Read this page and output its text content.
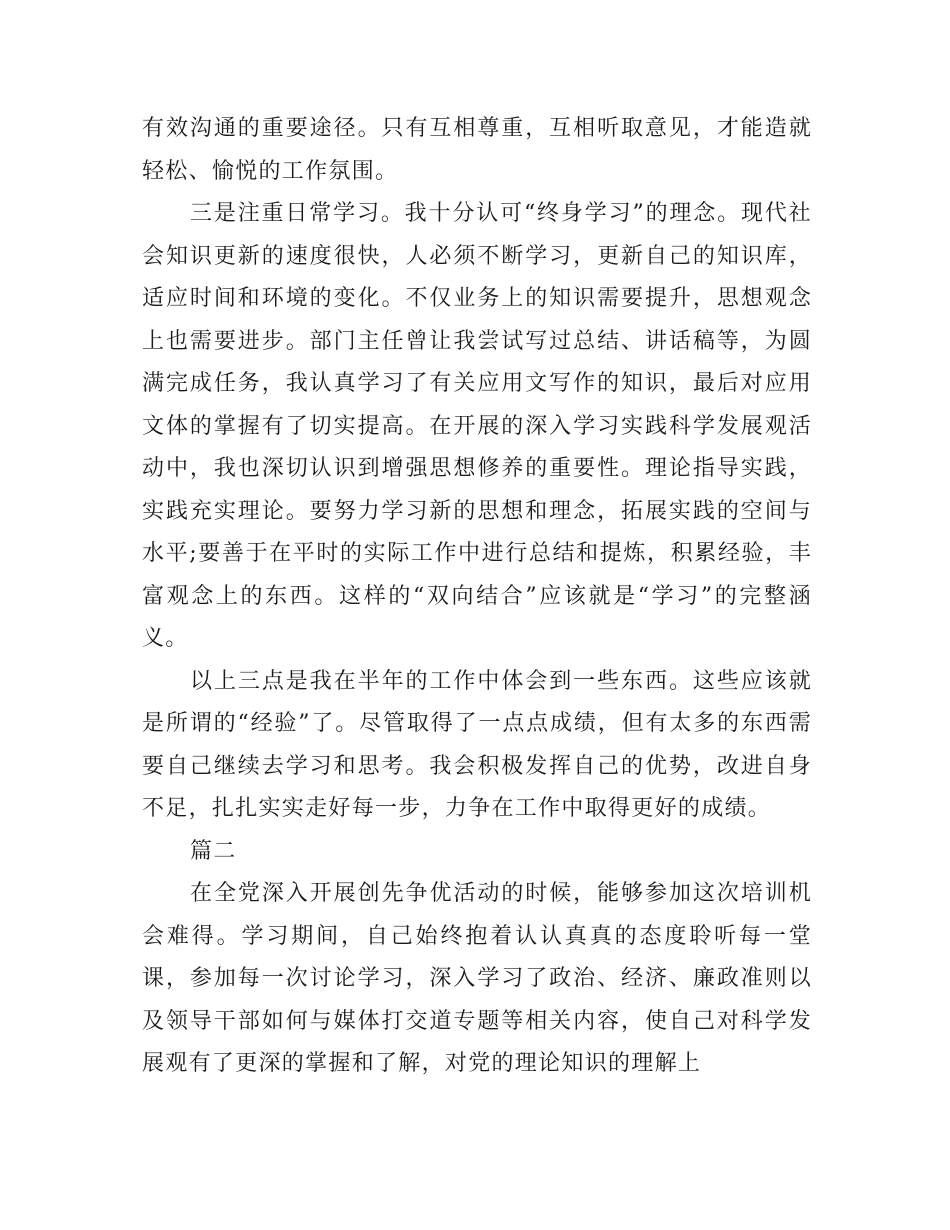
有效沟通的重要途径。只有互相尊重，互相听取意见，才能造就轻松、愉悦的工作氛围。

三是注重日常学习。我十分认可“终身学习”的理念。现代社会知识更新的速度很快，人必须不断学习，更新自己的知识库，适应时间和环境的变化。不仅业务上的知识需要提升，思想观念上也需要进步。部门主任曾让我尝试写过总结、讲话稿等，为圆满完成任务，我认真学习了有关应用文写作的知识，最后对应用文体的掌握有了切实提高。在开展的深入学习实践科学发展观活动中，我也深切认识到增强思想修养的重要性。理论指导实践，实践充实理论。要努力学习新的思想和理念，拓展实践的空间与水平;要善于在平时的实际工作中进行总结和提炼，积累经验，丰富观念上的东西。这样的“双向结合”应该就是“学习”的完整涵义。

以上三点是我在半年的工作中体会到一些东西。这些应该就是所谓的“经验”了。尽管取得了一点点成绩，但有太多的东西需要自己继续去学习和思考。我会积极发挥自己的优势，改进自身不足，扎扎实实走好每一步，力争在工作中取得更好的成绩。

篇二

在全党深入开展创先争优活动的时候，能够参加这次培训机会难得。学习期间，自己始终抱着认认真真的态度聆听每一堂课，参加每一次讨论学习，深入学习了政治、经济、廉政准则以及领导干部如何与媒体打交道专题等相关内容，使自己对科学发展观有了更深的掌握和了解，对党的理论知识的理解上
